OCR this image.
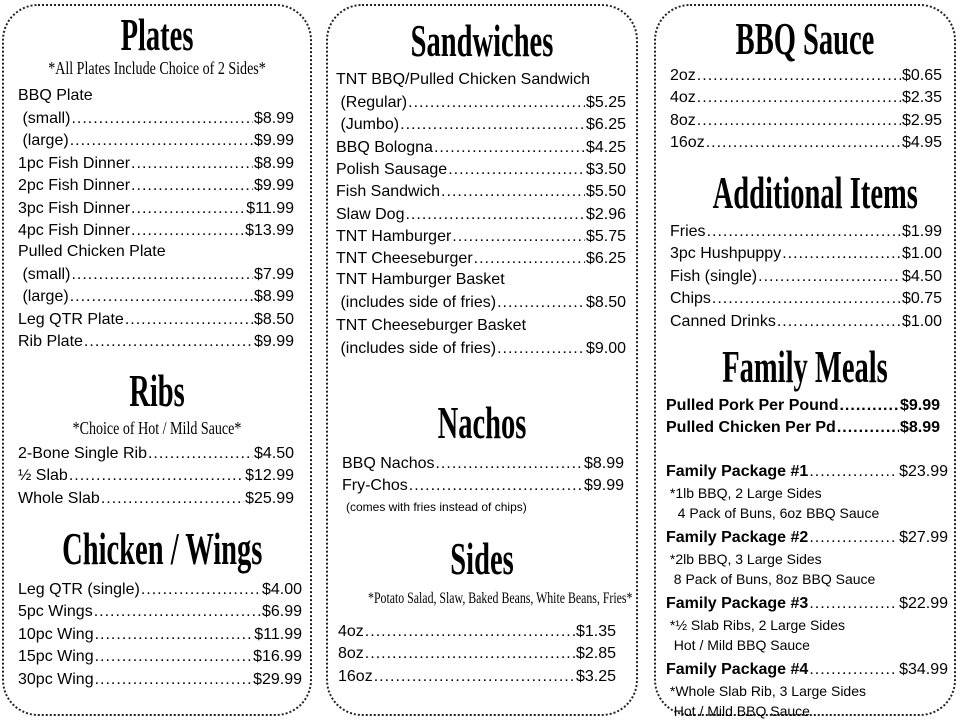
Plates
*All Plates Include Choice of 2 Sides*
BBQ Plate
(small) .....	$8.99
(large) .....	$9.99
1pc Fish Dinner .....	$8.99
2pc Fish Dinner .....	$9.99
3pc Fish Dinner .....	$11.99
4pc Fish Dinner .....	$13.99
Pulled Chicken Plate
(small) .....	$7.99
(large) .....	$8.99
Leg QTR Plate .....	$8.50
Rib Plate .....	$9.99
Ribs
*Choice of Hot / Mild Sauce*
2-Bone Single Rib .....	$4.50
½ Slab .....	$12.99
Whole Slab .....	$25.99
Chicken / Wings
Leg QTR (single) .....	$4.00
5pc Wings .....	$6.99
10pc Wing .....	$11.99
15pc Wing .....	$16.99
30pc Wing .....	$29.99
Sandwiches
TNT BBQ/Pulled Chicken Sandwich
(Regular) .....	$5.25
(Jumbo) .....	$6.25
BBQ Bologna .....	$4.25
Polish Sausage .....	$3.50
Fish Sandwich .....	$5.50
Slaw Dog .....	$2.96
TNT Hamburger .....	$5.75
TNT Cheeseburger .....	$6.25
TNT Hamburger Basket
(includes side of fries) .....	$8.50
TNT Cheeseburger Basket
(includes side of fries) .....	$9.00
Nachos
BBQ Nachos .....	$8.99
Fry-Chos .....	$9.99
(comes with fries instead of chips)
Sides
*Potato Salad, Slaw, Baked Beans, White Beans, Fries*
4oz .....	$1.35
8oz .....	$2.85
16oz .....	$3.25
BBQ Sauce
2oz .....	$0.65
4oz .....	$2.35
8oz .....	$2.95
16oz .....	$4.95
Additional Items
Fries .....	$1.99
3pc Hushpuppy .....	$1.00
Fish (single) .....	$4.50
Chips .....	$0.75
Canned Drinks .....	$1.00
Family Meals
Pulled Pork Per Pound .....	$9.99
Pulled Chicken Per Pd .....	$8.99
Family Package #1 .....	$23.99
*1lb BBQ, 2 Large Sides
4 Pack of Buns, 6oz BBQ Sauce
Family Package #2 .....	$27.99
*2lb BBQ, 3 Large Sides
8 Pack of Buns, 8oz BBQ Sauce
Family Package #3 .....	$22.99
*½ Slab Ribs, 2 Large Sides
Hot / Mild BBQ Sauce
Family Package #4 .....	$34.99
*Whole Slab Rib, 3 Large Sides
Hot / Mild BBQ Sauce
